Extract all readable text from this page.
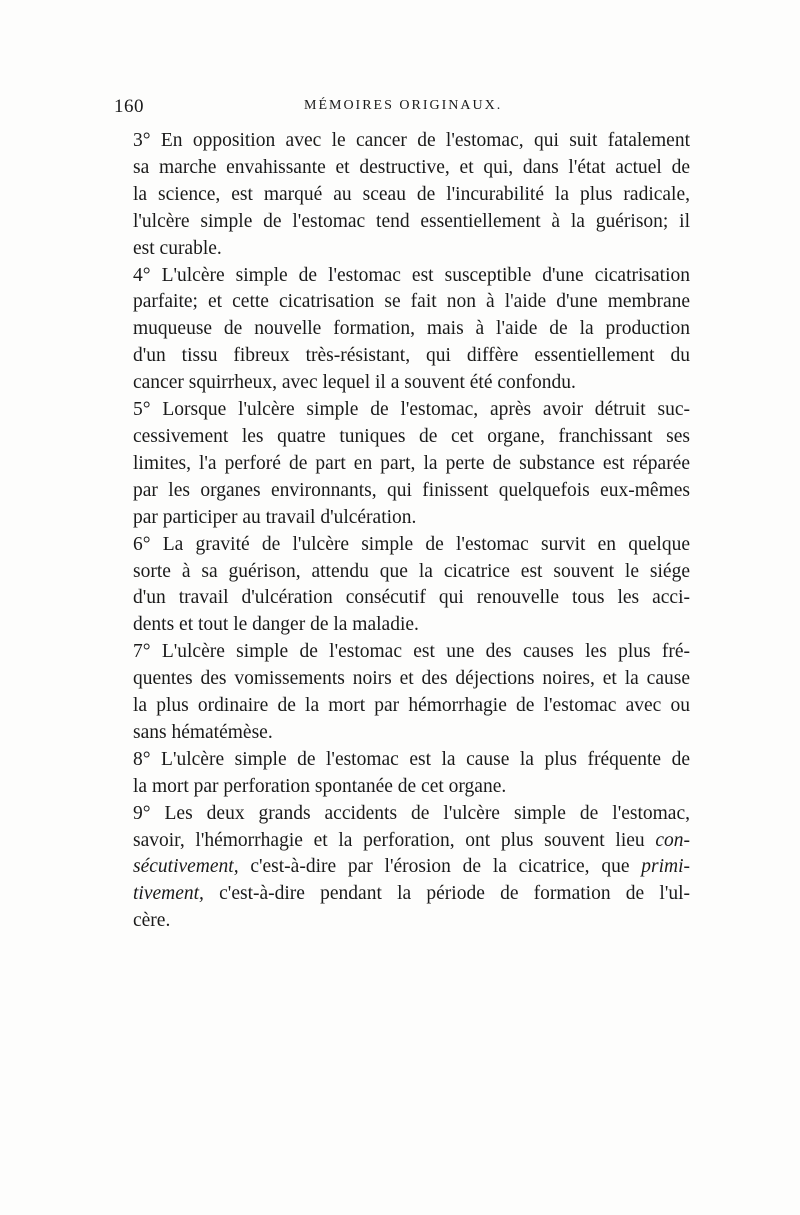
160	MÉMOIRES ORIGINAUX.

3° En opposition avec le cancer de l'estomac, qui suit fatalement
sa marche envahissante et destructive, et qui, dans l'état actuel de
la science, est marqué au sceau de l'incurabilité la plus radicale,
l'ulcère simple de l'estomac tend essentiellement à la guérison; il
est curable.

4° L'ulcère simple de l'estomac est susceptible d'une cicatrisation
parfaite; et cette cicatrisation se fait non à l'aide d'une membrane
muqueuse de nouvelle formation, mais à l'aide de la production
d'un tissu fibreux très-résistant, qui diffère essentiellement du
cancer squirrheux, avec lequel il a souvent été confondu.

5° Lorsque l'ulcère simple de l'estomac, après avoir détruit suc-
cessivement les quatre tuniques de cet organe, franchissant ses
limites, l'a perforé de part en part, la perte de substance est réparée
par les organes environnants, qui finissent quelquefois eux-mêmes
par participer au travail d'ulcération.

6° La gravité de l'ulcère simple de l'estomac survit en quelque
sorte à sa guérison, attendu que la cicatrice est souvent le siége
d'un travail d'ulcération consécutif qui renouvelle tous les acci-
dents et tout le danger de la maladie.

7° L'ulcère simple de l'estomac est une des causes les plus fré-
quentes des vomissements noirs et des déjections noires, et la cause
la plus ordinaire de la mort par hémorrhagie de l'estomac avec ou
sans hématémèse.

8° L'ulcère simple de l'estomac est la cause la plus fréquente de
la mort par perforation spontanée de cet organe.

9° Les deux grands accidents de l'ulcère simple de l'estomac,
savoir, l'hémorrhagie et la perforation, ont plus souvent lieu con-
sécutivement, c'est-à-dire par l'érosion de la cicatrice, que primi-
tivement, c'est-à-dire pendant la période de formation de l'ul-
cère.
